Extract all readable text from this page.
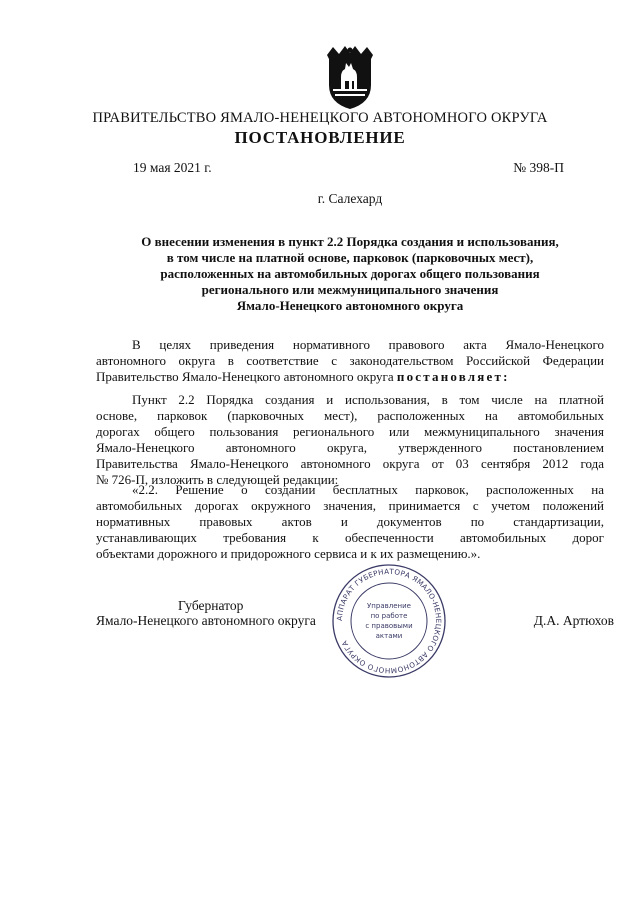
ПРАВИТЕЛЬСТВО ЯМАЛО-НЕНЕЦКОГО АВТОНОМНОГО ОКРУГА
ПОСТАНОВЛЕНИЕ
19 мая 2021 г.	№ 398-П
г. Салехард
О внесении изменения в пункт 2.2 Порядка создания и использования,
в том числе на платной основе, парковок (парковочных мест),
расположенных на автомобильных дорогах общего пользования
регионального или межмуниципального значения
Ямало-Ненецкого автономного округа
В целях приведения нормативного правового акта Ямало-Ненецкого
автономного округа в соответствие с законодательством Российской Федерации
Правительство Ямало-Ненецкого автономного округа постановляет:
Пункт 2.2 Порядка создания и использования, в том числе на платной
основе, парковок (парковочных мест), расположенных на автомобильных
дорогах общего пользования регионального или межмуниципального значения
Ямало-Ненецкого автономного округа, утвержденного постановлением
Правительства Ямало-Ненецкого автономного округа от 03 сентября 2012 года
№ 726-П, изложить в следующей редакции:
«2.2. Решение о создании бесплатных парковок, расположенных на
автомобильных дорогах окружного значения, принимается с учетом положений
нормативных правовых актов и документов по стандартизации,
устанавливающих требования к обеспеченности автомобильных дорог
объектами дорожного и придорожного сервиса и к их размещению.».
Губернатор
Ямало-Ненецкого автономного округа	Д.А. Артюхов
АППАРАТ ГУБЕРНАТОРА ЯМАЛО-НЕНЕЦКОГО АВТОНОМНОГО ОКРУГА
Управление
по работе
с правовыми
актами
